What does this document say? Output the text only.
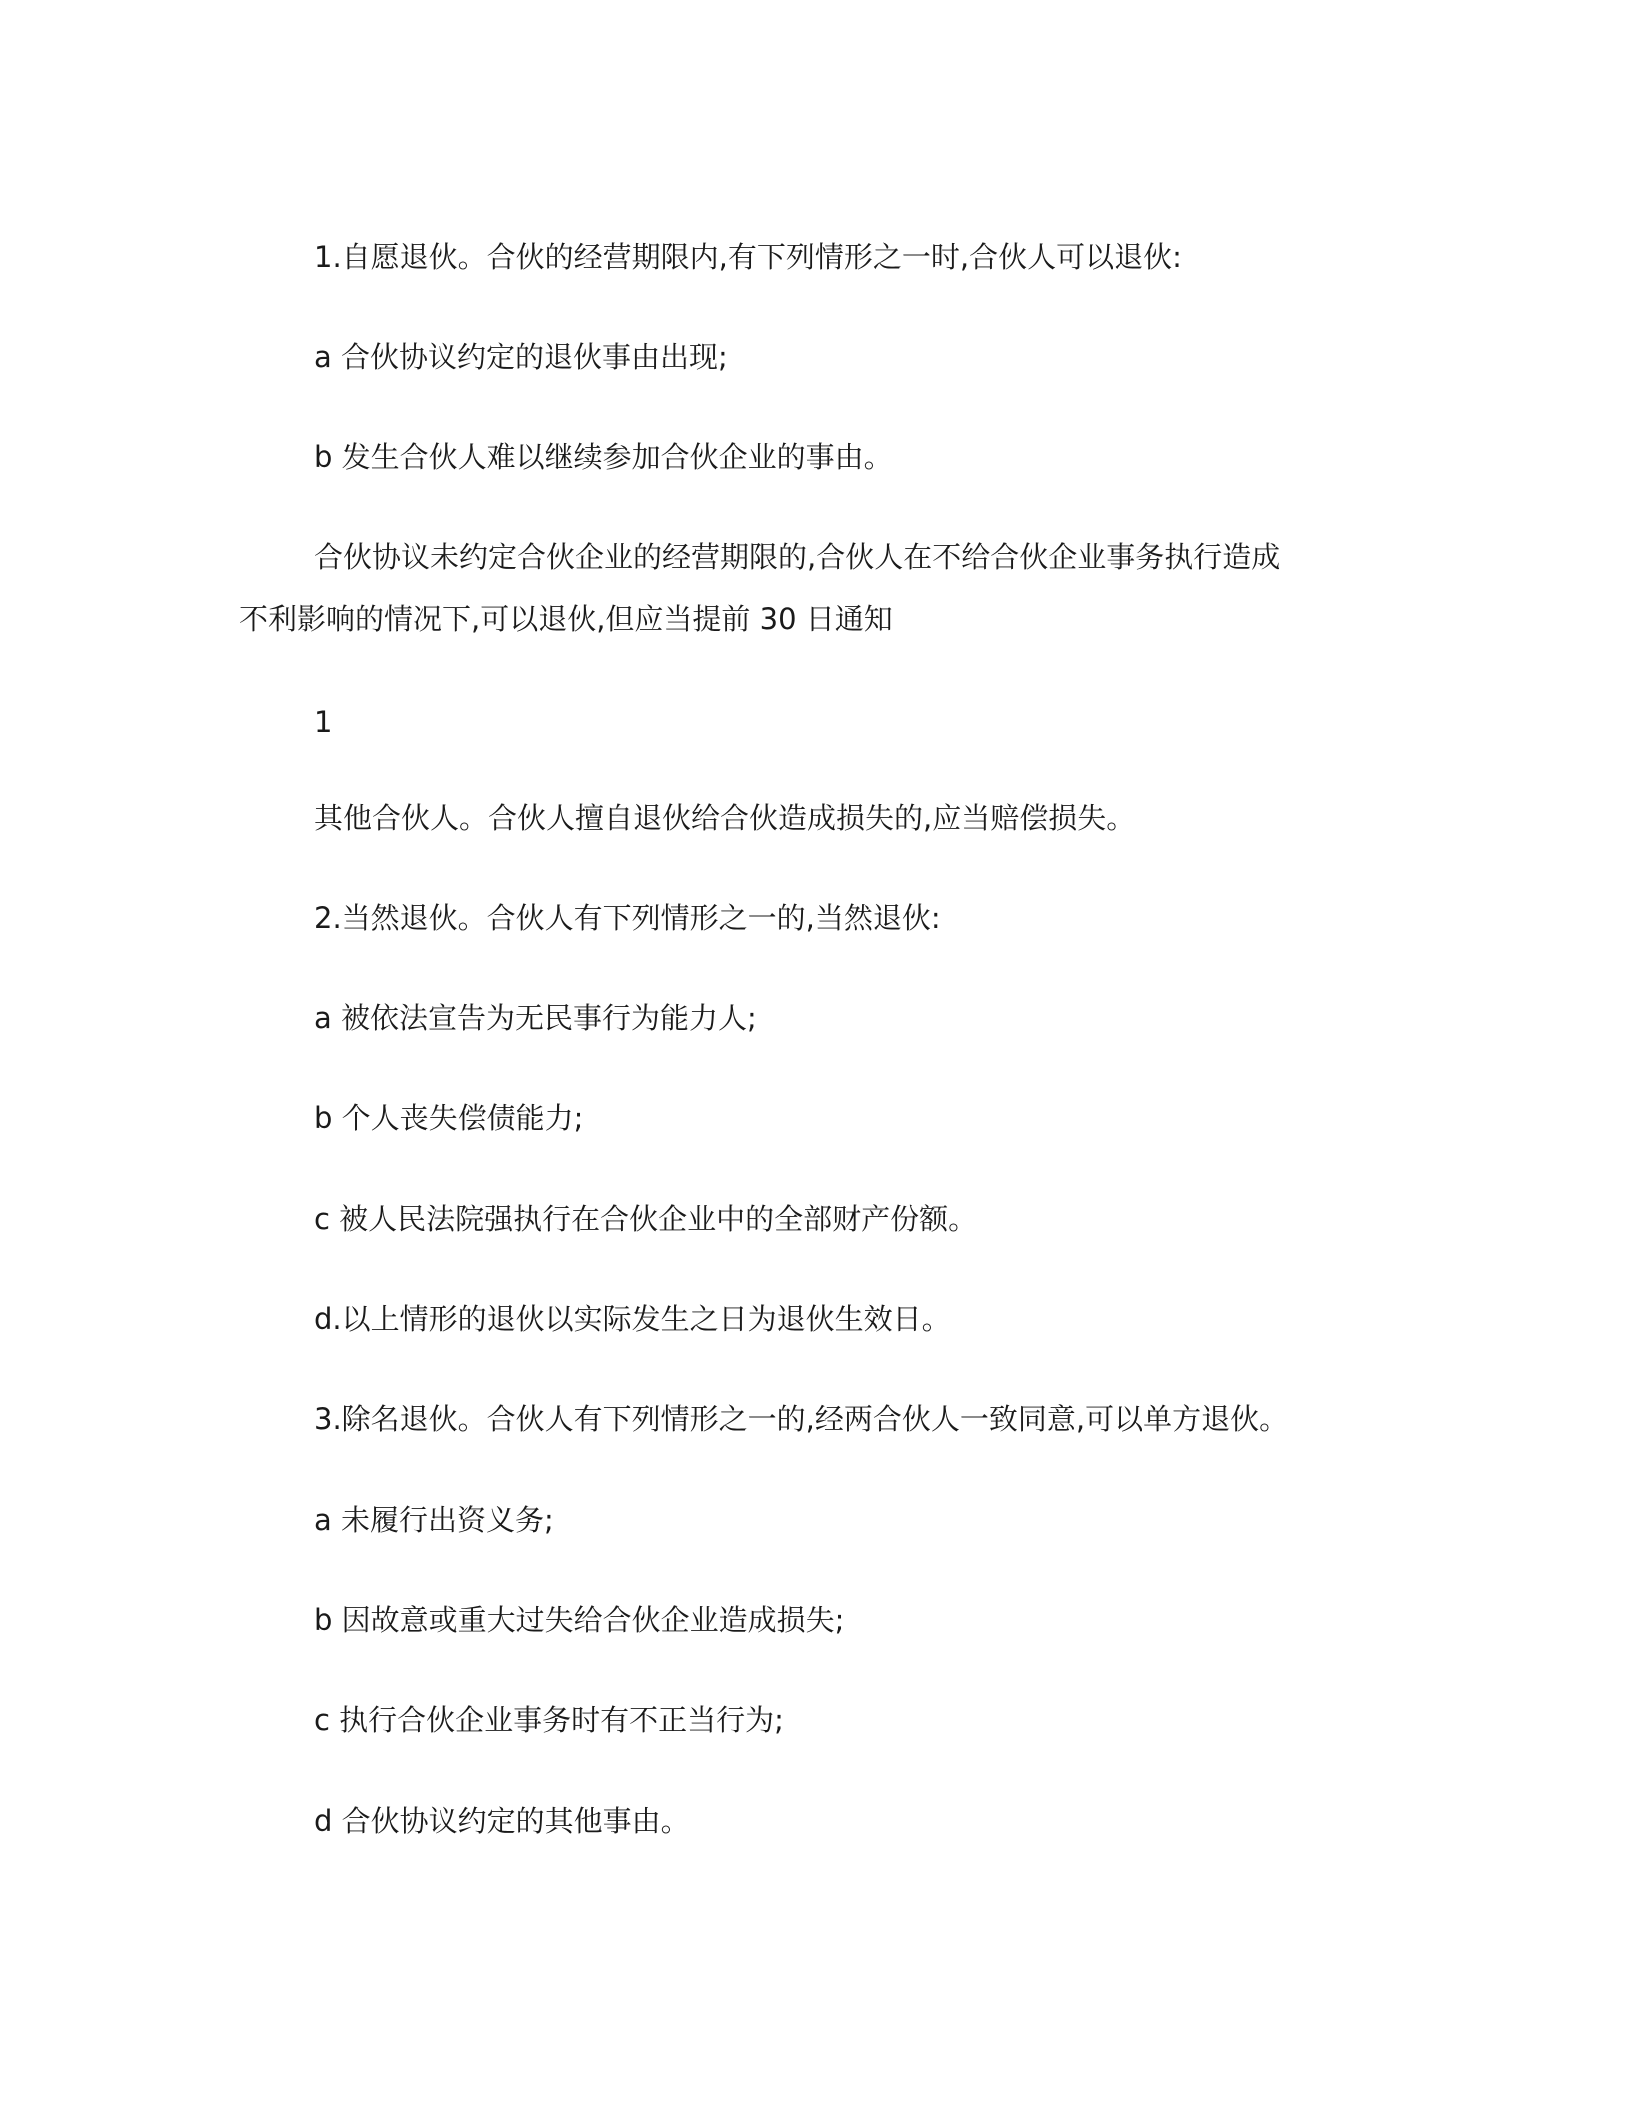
1.自愿退伙。合伙的经营期限内,有下列情形之一时,合伙人可以退伙:
a 合伙协议约定的退伙事由出现;
b 发生合伙人难以继续参加合伙企业的事由。
合伙协议未约定合伙企业的经营期限的,合伙人在不给合伙企业事务执行造成
不利影响的情况下,可以退伙,但应当提前 30 日通知
1
其他合伙人。合伙人擅自退伙给合伙造成损失的,应当赔偿损失。
2.当然退伙。合伙人有下列情形之一的,当然退伙:
a 被依法宣告为无民事行为能力人;
b 个人丧失偿债能力;
c 被人民法院强执行在合伙企业中的全部财产份额。
d.以上情形的退伙以实际发生之日为退伙生效日。
3.除名退伙。合伙人有下列情形之一的,经两合伙人一致同意,可以单方退伙。
a 未履行出资义务;
b 因故意或重大过失给合伙企业造成损失;
c 执行合伙企业事务时有不正当行为;
d 合伙协议约定的其他事由。
